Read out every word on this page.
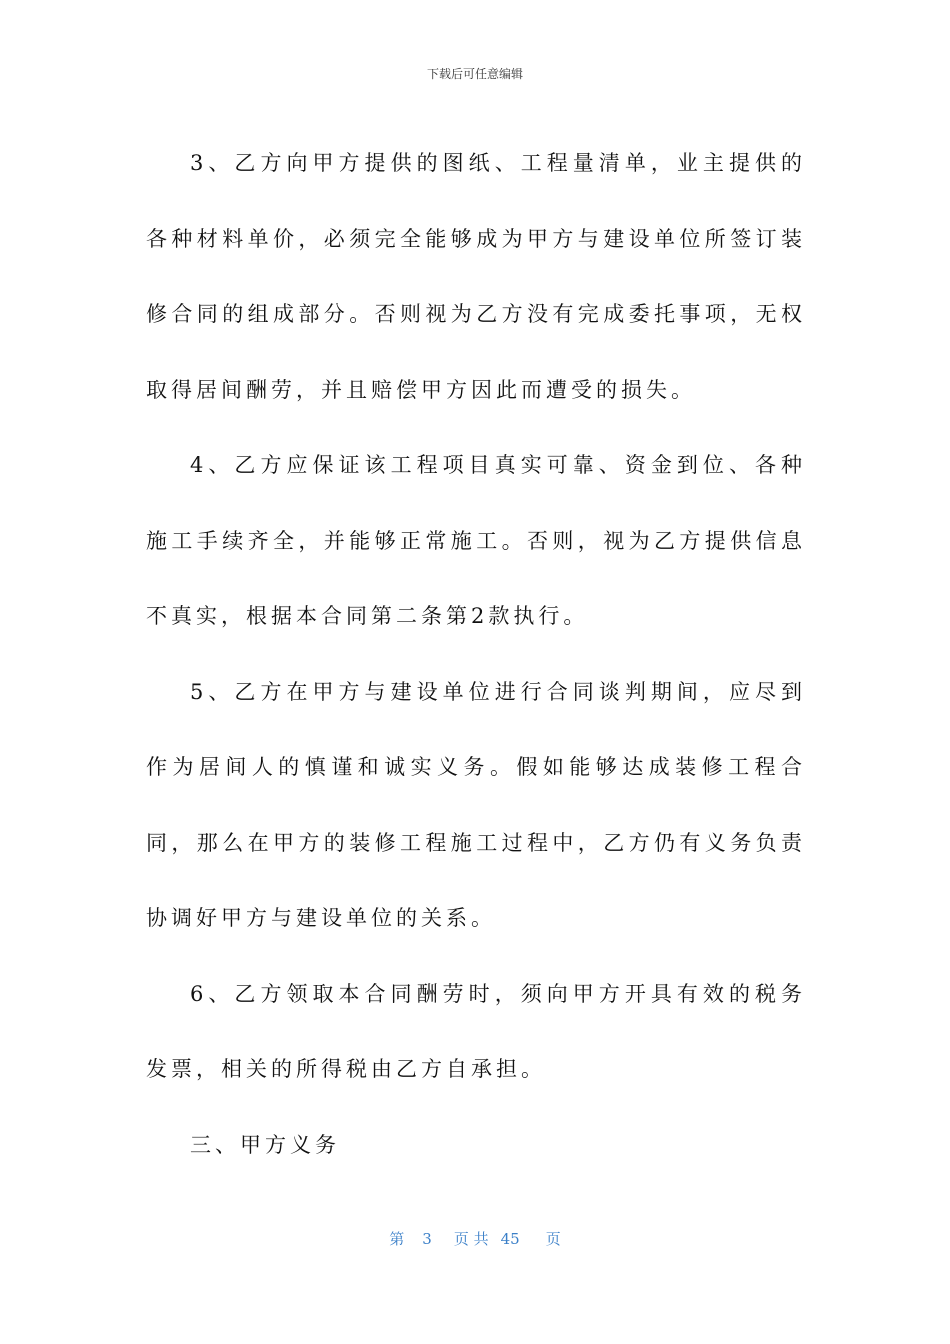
下载后可任意编辑

3、乙方向甲方提供的图纸、工程量清单，业主提供的各种材料单价，必须完全能够成为甲方与建设单位所签订装修合同的组成部分。否则视为乙方没有完成委托事项，无权取得居间酬劳，并且赔偿甲方因此而遭受的损失。

4、乙方应保证该工程项目真实可靠、资金到位、各种施工手续齐全，并能够正常施工。否则，视为乙方提供信息不真实，根据本合同第二条第2款执行。

5、乙方在甲方与建设单位进行合同谈判期间，应尽到作为居间人的慎谨和诚实义务。假如能够达成装修工程合同，那么在甲方的装修工程施工过程中，乙方仍有义务负责协调好甲方与建设单位的关系。

6、乙方领取本合同酬劳时，须向甲方开具有效的税务发票，相关的所得税由乙方自承担。

三、甲方义务

第 3 页 共 45 页
